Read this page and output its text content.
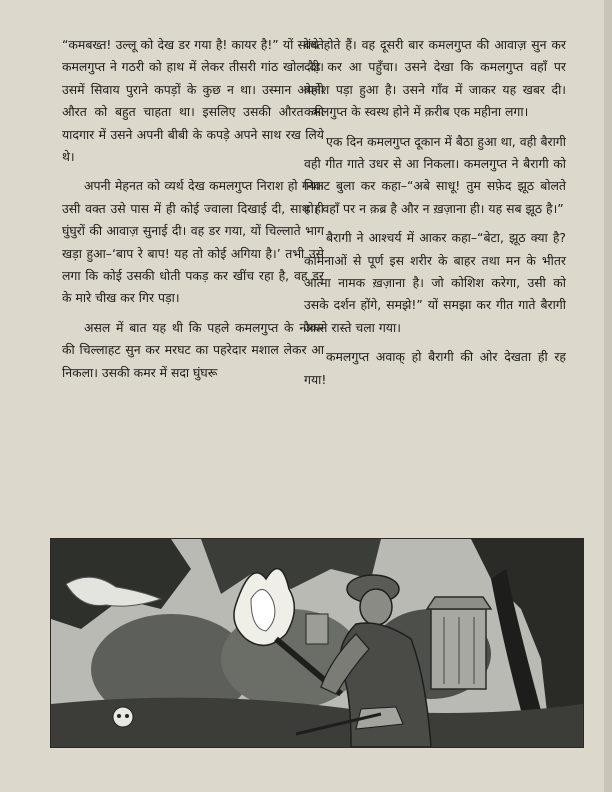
“कमबख्त! उल्लू को देख डर गया है! कायर है!” यों सोचते कमलगुप्त ने गठरी को हाथ में लेकर तीसरी गांठ खोल दी। उसमें सिवाय पुराने कपड़ों के कुछ न था। उस्मान अपनी औरत को बहुत चाहता था। इसलिए उसकी औरत की यादगार में उसने अपनी बीबी के कपड़े अपने साथ रख लिये थे।

अपनी मेहनत को व्यर्थ देख कमलगुप्त निराश हो गया। उसी वक्त उसे पास में ही कोई ज्वाला दिखाई दी, साथ ही घुंघुरों की आवाज़ सुनाई दी। वह डर गया, यों चिल्लाते भाग खड़ा हुआ–‘बाप रे बाप! यह तो कोई अगिया है।’ तभी उसे लगा कि कोई उसकी धोती पकड़ कर खींच रहा है, वह डर के मारे चीख कर गिर पड़ा।

असल में बात यह थी कि पहले कमलगुप्त के नौकर की चिल्लाहट सुन कर मरघट का पहरेदार मशाल लेकर आ निकला। उसकी कमर में सदा घुंघरू

बंधे होते हैं। वह दूसरी बार कमलगुप्त की आवाज़ सुन कर दौड़ कर आ पहुँचा। उसने देखा कि कमलगुप्त वहाँ पर बेहोश पड़ा हुआ है। उसने गाँव में जाकर यह खबर दी। कमलगुप्त के स्वस्थ होने में क़रीब एक महीना लगा।

एक दिन कमलगुप्त दूकान में बैठा हुआ था, वही बैरागी वही गीत गाते उधर से आ निकला। कमलगुप्त ने बैरागी को निकट बुला कर कहा–“अबे साधू! तुम सफ़ेद झूठ बोलते हो। वहाँ पर न क़ब्र है और न ख़ज़ाना ही। यह सब झूठ है।”

बैरागी ने आश्चर्य में आकर कहा–“बेटा, झूठ क्या है? कामनाओं से पूर्ण इस शरीर के बाहर तथा मन के भीतर आत्मा नामक ख़ज़ाना है। जो कोशिश करेगा, उसी को उसके दर्शन होंगे, समझे!” यों समझा कर गीत गाते बैरागी अपने रास्ते चला गया।

कमलगुप्त अवाक् हो बैरागी की ओर देखता ही रह गया!
